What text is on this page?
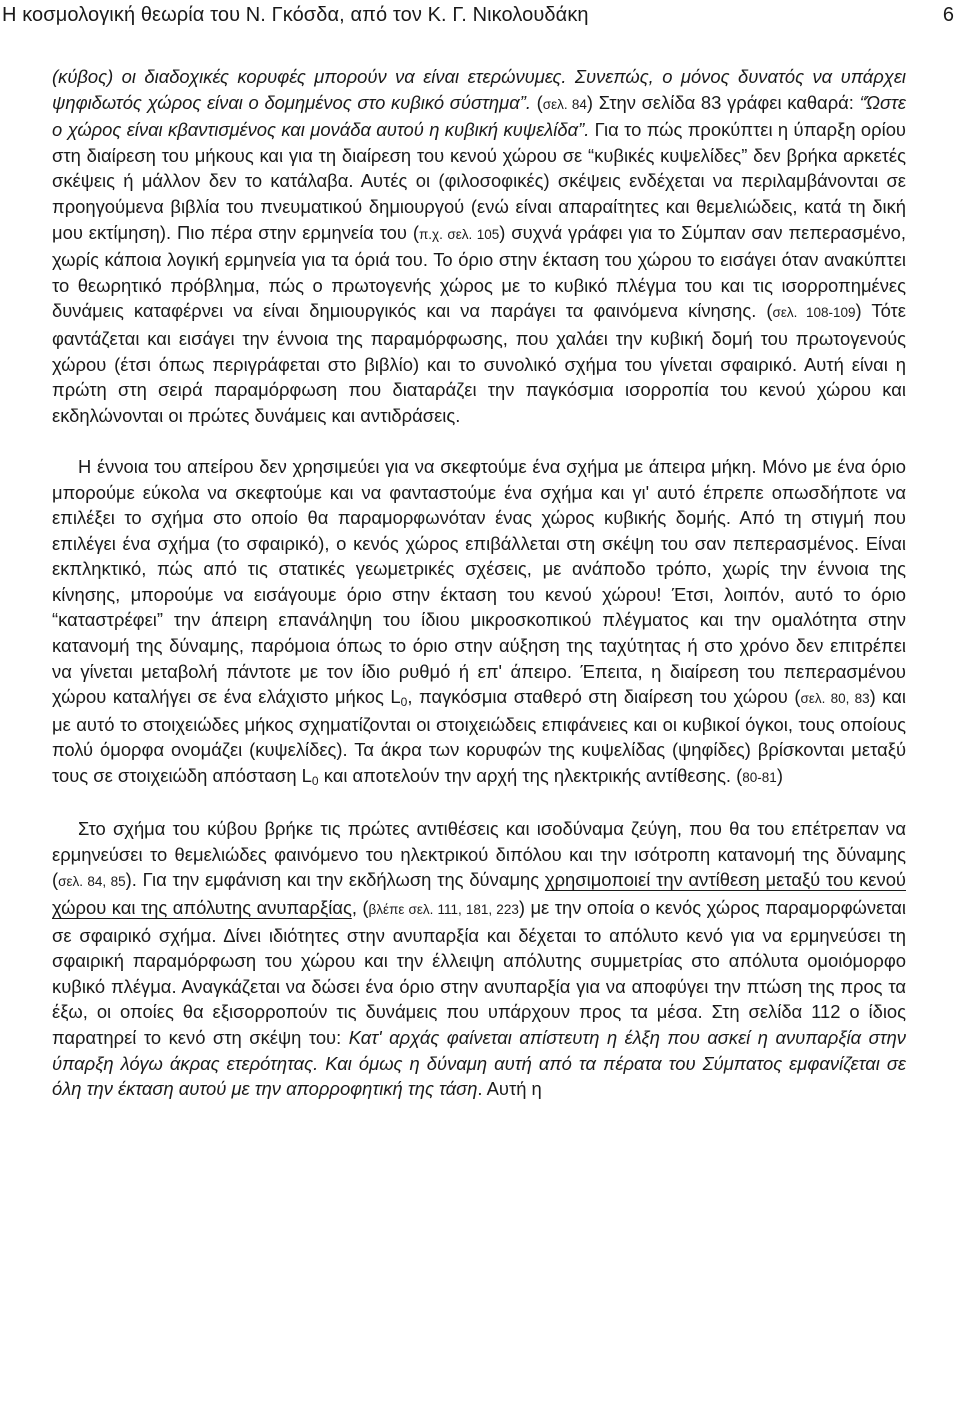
Η κοσμολογική θεωρία του Ν. Γκόσδα, από τον Κ. Γ. Νικολουδάκη	6

(κύβος) οι διαδοχικές κορυφές μπορούν να είναι ετερώνυμες. Συνεπώς, ο μόνος δυνατός να υπάρχει ψηφιδωτός χώρος είναι ο δομημένος στο κυβικό σύστημα”. (σελ. 84) Στην σελίδα 83 γράφει καθαρά: “Ώστε ο χώρος είναι κβαντισμένος και μονάδα αυτού η κυβική κυψελίδα”. Για το πώς προκύπτει η ύπαρξη ορίου στη διαίρεση του μήκους και για τη διαίρεση του κενού χώρου σε “κυβικές κυψελίδες” δεν βρήκα αρκετές σκέψεις ή μάλλον δεν το κατάλαβα. Αυτές οι (φιλοσοφικές) σκέψεις ενδέχεται να περιλαμβάνονται σε προηγούμενα βιβλία του πνευματικού δημιουργού (ενώ είναι απαραίτητες και θεμελιώδεις, κατά τη δική μου εκτίμηση). Πιο πέρα στην ερμηνεία του (π.χ. σελ. 105) συχνά γράφει για το Σύμπαν σαν πεπερασμένο, χωρίς κάποια λογική ερμηνεία για τα όριά του. Το όριο στην έκταση του χώρου το εισάγει όταν ανακύπτει το θεωρητικό πρόβλημα, πώς ο πρωτογενής χώρος με το κυβικό πλέγμα του και τις ισορροπημένες δυνάμεις καταφέρνει να είναι δημιουργικός και να παράγει τα φαινόμενα κίνησης. (σελ. 108-109) Τότε φαντάζεται και εισάγει την έννοια της παραμόρφωσης, που χαλάει την κυβική δομή του πρωτογενούς χώρου (έτσι όπως περιγράφεται στο βιβλίο) και το συνολικό σχήμα του γίνεται σφαιρικό. Αυτή είναι η πρώτη στη σειρά παραμόρφωση που διαταράζει την παγκόσμια ισορροπία του κενού χώρου και εκδηλώνονται οι πρώτες δυνάμεις και αντιδράσεις.

Η έννοια του απείρου δεν χρησιμεύει για να σκεφτούμε ένα σχήμα με άπειρα μήκη. Μόνο με ένα όριο μπορούμε εύκολα να σκεφτούμε και να φανταστούμε ένα σχήμα και γι' αυτό έπρεπε οπωσδήποτε να επιλέξει το σχήμα στο οποίο θα παραμορφωνόταν ένας χώρος κυβικής δομής. Από τη στιγμή που επιλέγει ένα σχήμα (το σφαιρικό), ο κενός χώρος επιβάλλεται στη σκέψη του σαν πεπερασμένος. Είναι εκπληκτικό, πώς από τις στατικές γεωμετρικές σχέσεις, με ανάποδο τρόπο, χωρίς την έννοια της κίνησης, μπορούμε να εισάγουμε όριο στην έκταση του κενού χώρου! Έτσι, λοιπόν, αυτό το όριο “καταστρέφει” την άπειρη επανάληψη του ίδιου μικροσκοπικού πλέγματος και την ομαλότητα στην κατανομή της δύναμης, παρόμοια όπως το όριο στην αύξηση της ταχύτητας ή στο χρόνο δεν επιτρέπει να γίνεται μεταβολή πάντοτε με τον ίδιο ρυθμό ή επ' άπειρο. Έπειτα, η διαίρεση του πεπερασμένου χώρου καταλήγει σε ένα ελάχιστο μήκος $L_0$, παγκόσμια σταθερό στη διαίρεση του χώρου (σελ. 80, 83) και με αυτό το στοιχειώδες μήκος σχηματίζονται οι στοιχειώδεις επιφάνειες και οι κυβικοί όγκοι, τους οποίους πολύ όμορφα ονομάζει (κυψελίδες). Τα άκρα των κορυφών της κυψελίδας (ψηφίδες) βρίσκονται μεταξύ τους σε στοιχειώδη απόσταση $L_0$ και αποτελούν την αρχή της ηλεκτρικής αντίθεσης. (80-81)

Στο σχήμα του κύβου βρήκε τις πρώτες αντιθέσεις και ισοδύναμα ζεύγη, που θα του επέτρεπαν να ερμηνεύσει το θεμελιώδες φαινόμενο του ηλεκτρικού διπόλου και την ισότροπη κατανομή της δύναμης (σελ. 84, 85). Για την εμφάνιση και την εκδήλωση της δύναμης χρησιμοποιεί την αντίθεση μεταξύ του κενού χώρου και της απόλυτης ανυπαρξίας, (βλέπε σελ. 111, 181, 223) με την οποία ο κενός χώρος παραμορφώνεται σε σφαιρικό σχήμα. Δίνει ιδιότητες στην ανυπαρξία και δέχεται το απόλυτο κενό για να ερμηνεύσει τη σφαιρική παραμόρφωση του χώρου και την έλλειψη απόλυτης συμμετρίας στο απόλυτα ομοιόμορφο κυβικό πλέγμα. Αναγκάζεται να δώσει ένα όριο στην ανυπαρξία για να αποφύγει την πτώση της προς τα έξω, οι οποίες θα εξισορροπούν τις δυνάμεις που υπάρχουν προς τα μέσα. Στη σελίδα 112 ο ίδιος παρατηρεί το κενό στη σκέψη του: Κατ' αρχάς φαίνεται απίστευτη η έλξη που ασκεί η ανυπαρξία στην ύπαρξη λόγω άκρας ετερότητας. Και όμως η δύναμη αυτή από τα πέρατα του Σύμπατος εμφανίζεται σε όλη την έκταση αυτού με την απορροφητική της τάση. Αυτή η
